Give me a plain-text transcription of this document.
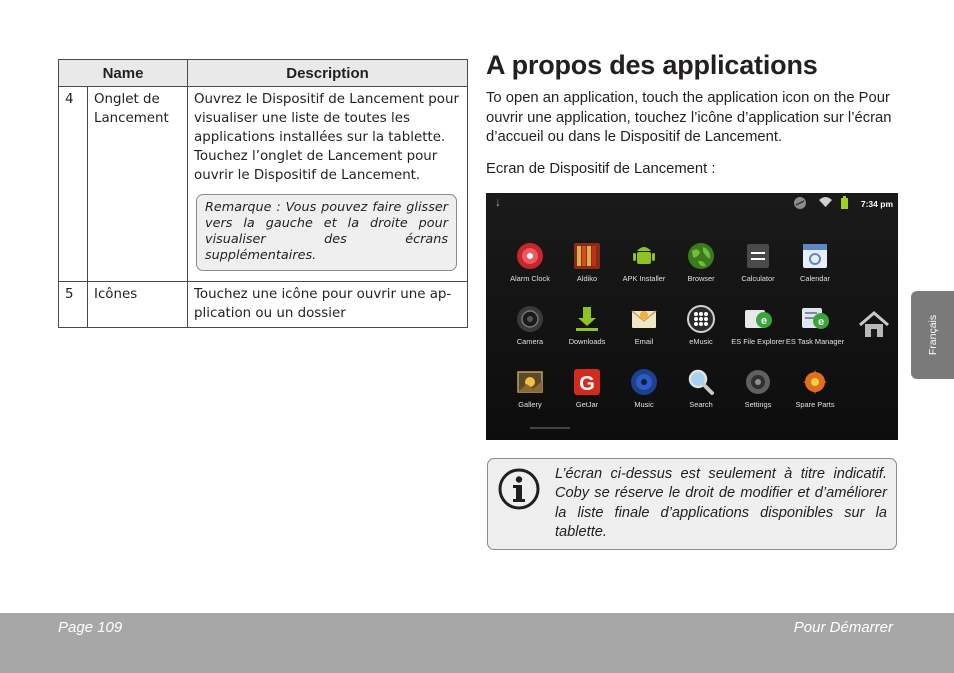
Name		Description
4	Onglet de Lancement	Ouvrez le Dispositif de Lancement pour visualiser une liste de toutes les applications installées sur la tablette. Touchez l’onglet de Lancement pour ouvrir le Dispositif de Lancement.
Remarque : Vous pouvez faire glisser vers la gauche et la droite pour visualiser des écrans supplémentaires.

5	Icônes	Touchez une icône pour ouvrir une application ou un dossier
A propos des applications

To open an application, touch the application icon on the Pour ouvrir une application, touchez l’icône d’application sur l’écran d’accueil ou dans le Dispositif de Lancement.

Ecran de Dispositif de Lancement :

↓	7:34 pm
Alarm Clock	Aldiko	APK Installer	Browser	Calculator	Calendar
Camera	Downloads	Email	eMusic
e
ES File Explorer
e
ES Task Manager
Gallery
G
GetJar	Music	Search	Settings	Spare Parts

L’écran ci-dessus est seulement à titre indicatif. Coby se réserve le droit de modifier et d’améliorer la liste finale d’applications disponibles sur la tablette.

Français
Page 109	Pour Démarrer
